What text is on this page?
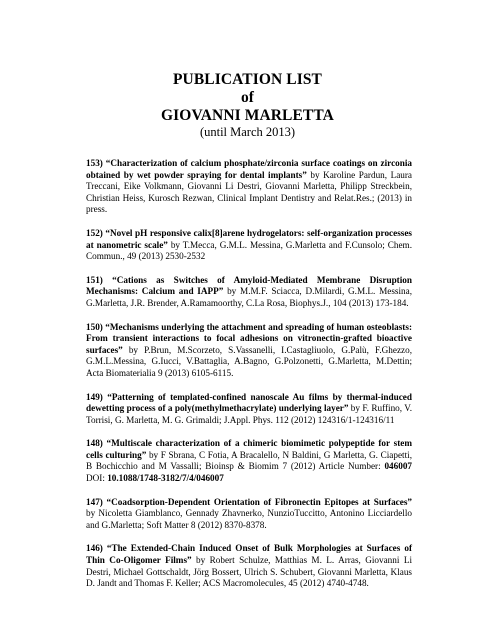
PUBLICATION LIST
of
GIOVANNI MARLETTA
(until March 2013)

153) “Characterization of calcium phosphate/zirconia surface coatings on zirconia obtained by wet powder spraying for dental implants” by Karoline Pardun, Laura Treccani, Eike Volkmann, Giovanni Li Destri, Giovanni Marletta, Philipp Streckbein, Christian Heiss, Kurosch Rezwan, Clinical Implant Dentistry and Relat.Res.; (2013) in press.

152) “Novel pH responsive calix[8]arene hydrogelators: self-organization processes at nanometric scale” by T.Mecca, G.M.L. Messina, G.Marletta and F.Cunsolo; Chem. Commun., 49 (2013) 2530-2532

151) “Cations as Switches of Amyloid-Mediated Membrane Disruption Mechanisms: Calcium and IAPP” by M.M.F. Sciacca, D.Milardi, G.M.L. Messina, G.Marletta, J.R. Brender, A.Ramamoorthy, C.La Rosa, Biophys.J., 104 (2013) 173-184.

150) “Mechanisms underlying the attachment and spreading of human osteoblasts: From transient interactions to focal adhesions on vitronectin-grafted bioactive surfaces” by P.Brun, M.Scorzeto, S.Vassanelli, I.Castagliuolo, G.Palù, F.Ghezzo, G.M.L.Messina, G.Iucci, V.Battaglia, A.Bagno, G.Polzonetti, G.Marletta, M.Dettin; Acta Biomaterialia 9 (2013) 6105-6115.

149) “Patterning of templated-confined nanoscale Au films by thermal-induced dewetting process of a poly(methylmethacrylate) underlying layer” by F. Ruffino, V. Torrisi, G. Marletta, M. G. Grimaldi; J.Appl. Phys. 112 (2012) 124316/1-124316/11

148) “Multiscale characterization of a chimeric biomimetic polypeptide for stem cells culturing” by F Sbrana, C Fotia, A Bracalello, N Baldini, G Marletta, G. Ciapetti, B Bochicchio and M Vassalli; Bioinsp & Biomim 7 (2012) Article Number: 046007 DOI: 10.1088/1748-3182/7/4/046007

147) “Coadsorption-Dependent Orientation of Fibronectin Epitopes at Surfaces” by Nicoletta Giamblanco, Gennady Zhavnerko, NunzioTuccitto, Antonino Licciardello and G.Marletta; Soft Matter 8 (2012) 8370-8378.

146) “The Extended-Chain Induced Onset of Bulk Morphologies at Surfaces of Thin Co-Oligomer Films” by Robert Schulze, Matthias M. L. Arras, Giovanni Li Destri, Michael Gottschaldt, Jörg Bossert, Ulrich S. Schubert, Giovanni Marletta, Klaus D. Jandt and Thomas F. Keller; ACS Macromolecules, 45 (2012) 4740-4748.
